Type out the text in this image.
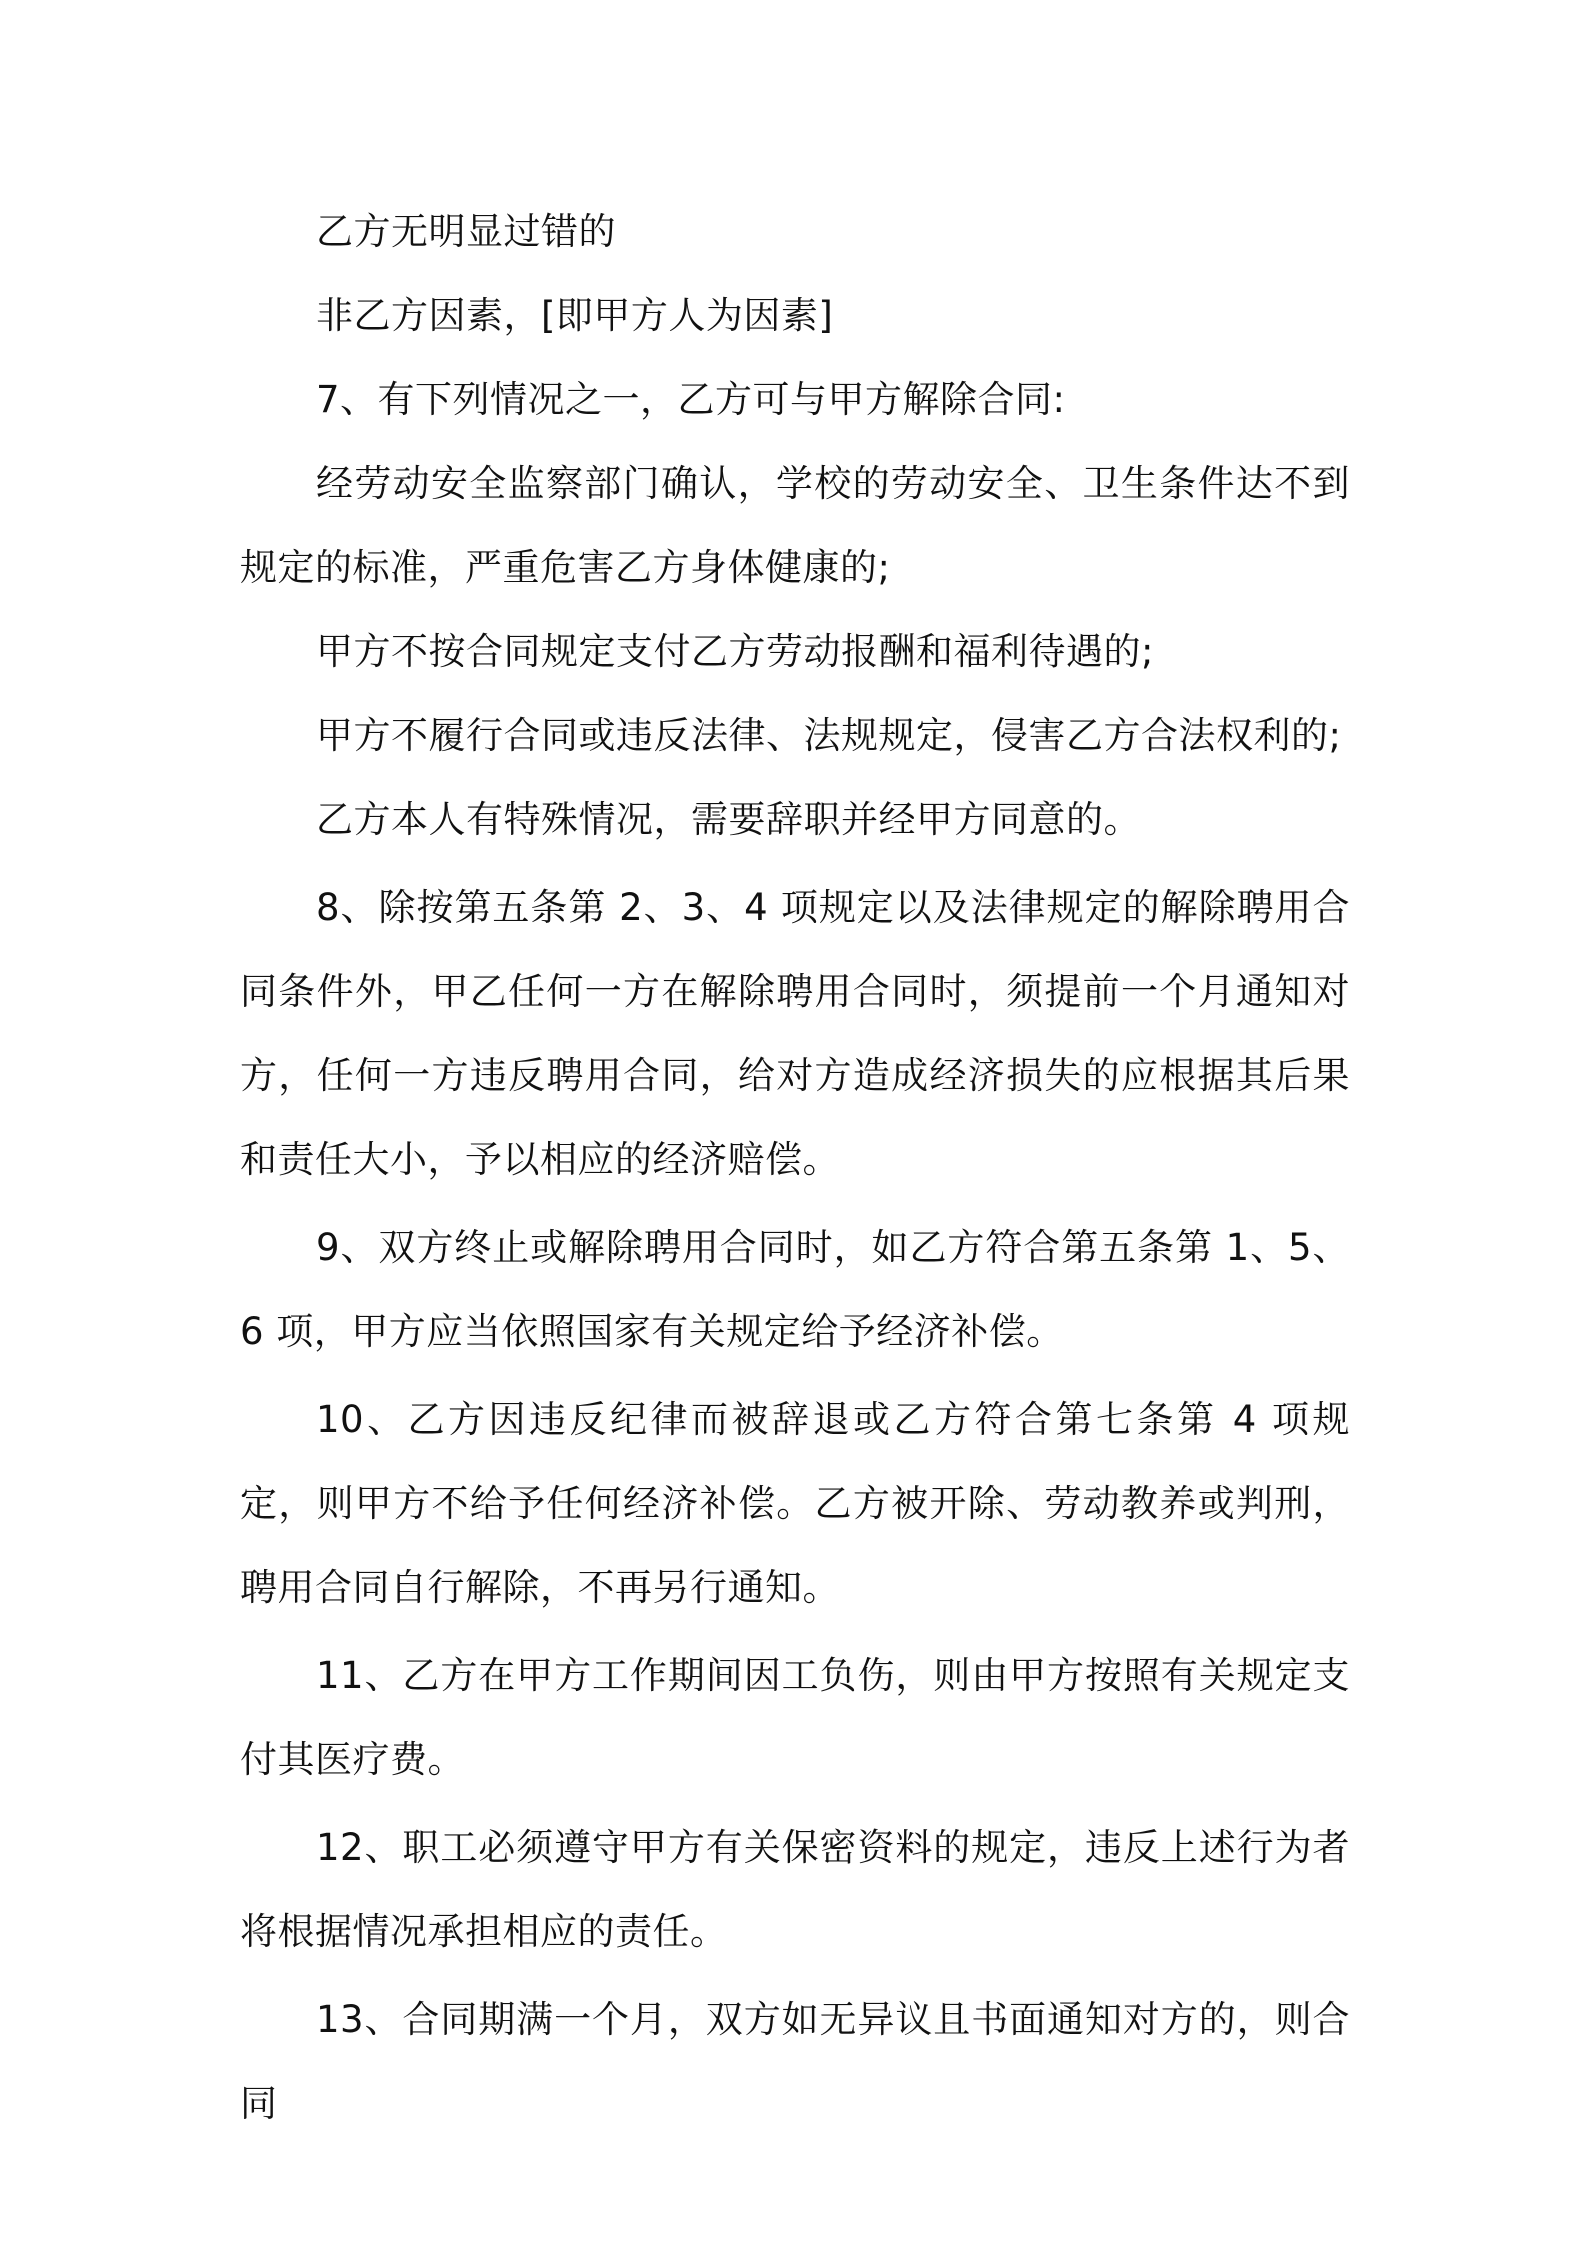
乙方无明显过错的

非乙方因素，[即甲方人为因素]

7、有下列情况之一，乙方可与甲方解除合同:

经劳动安全监察部门确认，学校的劳动安全、卫生条件达不到规定的标准，严重危害乙方身体健康的;

甲方不按合同规定支付乙方劳动报酬和福利待遇的;

甲方不履行合同或违反法律、法规规定，侵害乙方合法权利的;

乙方本人有特殊情况，需要辞职并经甲方同意的。

8、除按第五条第 2、3、4 项规定以及法律规定的解除聘用合同条件外，甲乙任何一方在解除聘用合同时，须提前一个月通知对方，任何一方违反聘用合同，给对方造成经济损失的应根据其后果和责任大小，予以相应的经济赔偿。

9、双方终止或解除聘用合同时，如乙方符合第五条第 1、5、6 项，甲方应当依照国家有关规定给予经济补偿。

10、乙方因违反纪律而被辞退或乙方符合第七条第 4 项规定，则甲方不给予任何经济补偿。乙方被开除、劳动教养或判刑，聘用合同自行解除，不再另行通知。

11、乙方在甲方工作期间因工负伤，则由甲方按照有关规定支付其医疗费。

12、职工必须遵守甲方有关保密资料的规定，违反上述行为者将根据情况承担相应的责任。

13、合同期满一个月，双方如无异议且书面通知对方的，则合同
